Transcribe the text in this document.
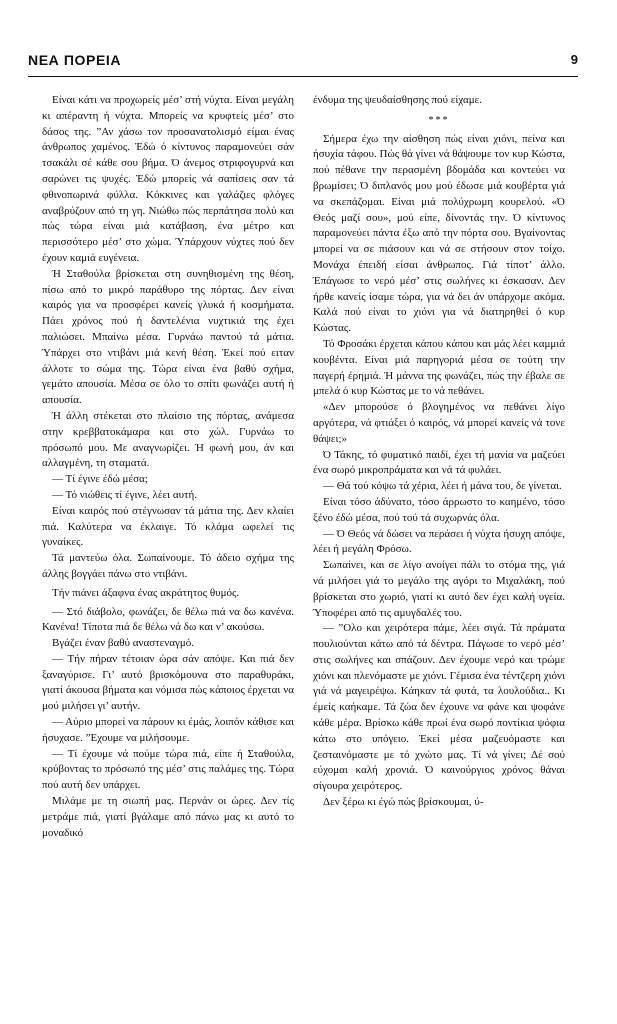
ΝΕΑ ΠΟΡΕΙΑ	9

Είναι κάτι να προχωρείς μέσ’ στή νύχτα. Είναι μεγάλη κι απέραντη ή νύχτα. Μπορείς να κρυφτείς μέσ’ στο δάσος της. ”Αν χάσω τον προσανατολισμό είμαι ένας άνθρωπος χαμένος. Έδώ ό κίντυνος παραμονεύει σάν τσακάλι σέ κάθε σου βήμα. Ό άνεμος στριφογυρνά και σαρώνει τις ψυχές. Έδώ μπορείς νά σαπίσεις σαν τά φθινοπωρινά φύλλα. Κόκκινες και γαλάζιες φλόγες αναβρύζουν από τη γη. Νιώθω πώς περπάτησα πολύ και πώς τώρα είναι μιά κατάβαση, ένα μέτρο και περισσότερο μέσ’ στο χώμα. Ύπάρχουν νύχτες πού δεν έχουν καμιά ευγένεια.

Ή Σταθούλα βρίσκεται στη συνηθισμένη της θέση, πίσω από το μικρό παράθυρο της πόρτας. Δεν είναι καιρός για να προσφέρει κανείς γλυκά ή κοσμήματα. Πάει χρόνος πού ή δαντελένια νυχτικιά της έχει παλιώσει. Μπαίνω μέσα. Γυρνάω παντού τά μάτια. Ύπάρχει στο ντιβάνι μιά κενή θέση. Έκεί πού ειταν άλλοτε το σώμα της. Τώρα είναι ένα βαθύ σχήμα, γεμάτο απουσία. Μέσα σε όλο το σπίτι φωνάζει αυτή ή απουσία.

Ή άλλη στέκεται στο πλαίσιο της πόρτας, ανάμεσα στην κρεββατοκάμαρα και στο χώλ. Γυρνάω το πρόσωπό μου. Με αναγνωρίζει. Ή φωνή μου, άν και αλλαγμένη, τη σταματά.

— Τί έγινε έδώ μέσα;

— Τό νιώθεις τί έγινε, λέει αυτή.

Είναι καιρός πού στέγνωσαν τά μάτια της. Δεν κλαίει πιά. Καλύτερα να έκλαιγε. Τό κλάμα ωφελεί τις γυναίκες.

Τά μαντεύω όλα. Σωπαίνουμε. Τό άδειο σχήμα της άλλης βογγάει πάνω στο ντιβάνι.

Τήν πιάνει άξαφνα ένας ακράτητος θυμός.

— Στό διάβολο, φωνάζει, δε θέλω πιά να δω κανένα. Κανένα! Τίποτα πιά δε θέλω νά δω και ν’ ακούσω.

Βγάζει έναν βαθύ αναστεναγμό.

— Τήν πήραν τέτοιαν ώρα σάν απόψε. Και πιά δεν ξαναγύρισε. Γι’ αυτό βρισκόμουνα στο παραθυράκι, γιατί άκουσα βήματα και νόμισα πώς κάποιος έρχεται να μού μιλήσει γι’ αυτήν.

— Αύριο μπορεί να πάρουν κι έμάς, λοιπόν κάθισε και ήσυχασε. ”Εχουμε να μιλήσουμε.

— Τί έχουμε νά πούμε τώρα πιά, είπε ή Σταθούλα, κρύβοντας το πρόσωπό της μέσ’ στις παλάμες της. Τώρα πού αυτή δεν υπάρχει.

Μιλάμε με τη σιωπή μας. Περνάν οι ώρες. Δεν τίς μετράμε πιά, γιατί βγάλαμε από πάνω μας κι αυτό το μοναδικό

ένδυμα της ψευδαίσθησης πού είχαμε.

***

Σήμερα έχω την αίσθηση πώς είναι χιόνι, πείνα και ήσυχία τάφου. Πώς θά γίνει νά θάψουμε τον κυρ Κώστα, πού πέθανε την περασμένη βδομάδα και κοντεύει να βρωμίσει; Ό διπλανός μου μού έδωσε μιά κουβέρτα γιά να σκεπάζομαι. Είναι μιά πολύχρωμη κουρελού. «Ό Θεός μαζί σου», μού είπε, δίνοντάς την. Ό κίντυνος παραμονεύει πάντα έξω από την πόρτα σου. Βγαίνοντας μπορεί να σε πιάσουν και νά σε στήσουν στον τοίχο. Μονάχα έπειδή είσαι άνθρωπος. Γιά τίποτ’ άλλο. Έπάγωσε το νερό μέσ’ στις σωλήνες κι έσκασαν. Δεν ήρθε κανείς ίσαμε τώρα, για νά δει άν υπάρχομε ακόμα. Καλά πού είναι το χιόνι για νά διατηρηθεί ό κυρ Κώστας.

Τό Φροσάκι έρχεται κάπου κάπου και μάς λέει καμμιά κουβέντα. Είναι μιά παρηγοριά μέσα σε τούτη την παγερή έρημιά. Ή μάννα της φωνάζει, πώς την έβαλε σε μπελά ό κυρ Κώστας με το νά πεθάνει.

«Δεν μπορούσε ό βλογημένος να πεθάνει λίγο αργότερα, νά φτιάξει ό καιρός, νά μπορεί κανείς νά τονε θάψει;»

Ό Τάκης, τό φυματικό παιδί, έχει τή μανία να μαζεύει ένα σωρό μικροπράματα και νά τά φυλάει.

— Θά τού κόψω τά χέρια, λέει ή μάνα του, δε γίνεται.

Είναι τόσο άδύνατο, τόσο άρρωστο το καημένο, τόσο ξένο έδώ μέσα, πού τού τά συχωρνάς όλα.

— Ό Θεός νά δώσει να περάσει ή νύχτα ήσυχη απόψε, λέει ή μεγάλη Φρόσω.

Σωπαίνει, και σε λίγο ανοίγει πάλι το στόμα της, γιά νά μιλήσει γιά το μεγάλο της αγόρι το Μιχαλάκη, πού βρίσκεται στο χωριό, γιατί κι αυτό δεν έχει καλή υγεία. Ύποφέρει από τις αμυγδαλές του.

— ”Ολο και χειρότερα πάμε, λέει σιγά. Τά πράματα πουλιούνται κάτω από τά δέντρα. Πάγωσε το νερό μέσ’ στις σωλήνες και σπάζουν. Δεν έχουμε νερό και τρώμε χιόνι και πλενόμαστε με χιόνι. Γέμισα ένα τέντζερη χιόνι γιά νά μαγειρέψω. Κάηκαν τά φυτά, τα λουλούδια.. Κι έμείς καήκαμε. Τά ζώα δεν έχουνε να φάνε και ψοφάνε κάθε μέρα. Βρίσκω κάθε πρωί ένα σωρό ποντίκια ψόφια κάτω στο υπόγειο. Έκεί μέσα μαζευόμαστε και ζεσταινόμαστε με τό χνώτο μας. Τί νά γίνει; Δέ σού εύχομαι καλή χρονιά. Ό καινούργιος χρόνος θάναι σίγουρα χειρότερος.

Δεν ξέρω κι έγώ πώς βρίσκουμαι, ύ-
